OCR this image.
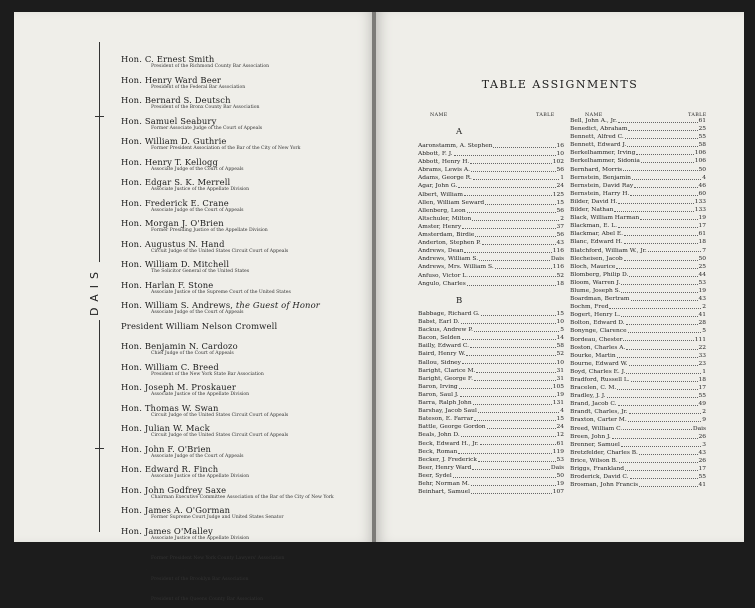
DAIS
Hon. C. Ernest Smith
President of the Richmond County Bar Association
Hon. Henry Ward Beer
President of the Federal Bar Association
Hon. Bernard S. Deutsch
President of the Bronx County Bar Association
Hon. Samuel Seabury
Former Associate Judge of the Court of Appeals
Hon. William D. Guthrie
Former President Association of the Bar of the City of New York
Hon. Henry T. Kellogg
Associate Judge of the Court of Appeals
Hon. Edgar S. K. Merrell
Associate Justice of the Appellate Division
Hon. Frederick E. Crane
Associate Judge of the Court of Appeals
Hon. Morgan J. O'Brien
Former Presiding Justice of the Appellate Division
Hon. Augustus N. Hand
Circuit Judge of the United States Circuit Court of Appeals
Hon. William D. Mitchell
The Solicitor General of the United States
Hon. Harlan F. Stone
Associate Justice of the Supreme Court of the United States
Hon. William S. Andrews, the Guest of Honor
Associate Judge of the Court of Appeals
President William Nelson Cromwell
Hon. Benjamin N. Cardozo
Chief Judge of the Court of Appeals
Hon. William C. Breed
President of the New York State Bar Association
Hon. Joseph M. Proskauer
Associate Justice of the Appellate Division
Hon. Thomas W. Swan
Circuit Judge of the United States Circuit Court of Appeals
Hon. Julian W. Mack
Circuit Judge of the United States Circuit Court of Appeals
Hon. John F. O'Brien
Associate Judge of the Court of Appeals
Hon. Edward R. Finch
Associate Justice of the Appellate Division
Hon. John Godfrey Saxe
Chairman Executive Committee Association of the Bar of the City of New York
Hon. James A. O'Gorman
Former Supreme Court Judge and United States Senator
Hon. James O'Malley
Associate Justice of the Appellate Division
Hon. Charles Strauss
Former President New York County Lawyers' Association
Hon. Michael Furst
President of the Brooklyn Bar Association
Hon. Charles W. Froessel
President of the Queens County Bar Association
TABLE ASSIGNMENTS
NAME	TABLE	NAME	TABLE
A
Aaronstamm, A. Stephen	16
Abbott, F. J.	10
Abbott, Henry H.	102
Abrams, Lewis A.	56
Adams, George R.	1
Agar, John G.	24
Albert, William	125
Allen, William Seward	15
Allenberg, Leon	56
Altschuler, Milton	2
Amster, Henry	37
Amsterdam, Birdie	56
Anderton, Stephen P.	43
Andrews, Dean	116
Andrews, William S.	Dais
Andrews, Mrs. William S.	116
Anfuso, Victor L.	52
Angulo, Charles	18
B
Babbage, Richard G.	15
Babst, Earl D.	10
Backus, Andrew P.	5
Bacon, Selden	14
Bailly, Edward C.	58
Baird, Henry W.	52
Ballou, Sidney	10
Baright, Clarice M.	31
Baright, George F.	31
Baron, Irving	105
Baron, Saul J.	19
Barra, Ralph John	131
Barshay, Jacob Saul	4
Bateson, E. Farrar	15
Battle, George Gordon	24
Beals, John D.	12
Beck, Edward H., Jr.	61
Beck, Roman	119
Becker, J. Frederick	53
Beer, Henry Ward	Dais
Beer, Sydel	50
Behr, Norman M.	19
Beinhart, Samuel	107
Bell, John A., Jr.	61
Benedict, Abraham	25
Bennett, Alfred C.	55
Bennett, Edward J.	58
Berkelhammer, Irving	106
Berkelhammer, Sidonia	106
Bernhard, Morris	50
Bernstein, Benjamin	4
Bernstein, David Ray	46
Bernstein, Harry H.	60
Bilder, David H.	133
Bilder, Nathan	133
Black, William Harman	19
Blackman, E. L.	17
Blackmar, Abel E.	61
Blanc, Edward H.	18
Blatchford, William W., Jr.	7
Blecheisen, Jacob	50
Bloch, Maurice	25
Blomberg, Philip D.	44
Bloom, Warren J.	53
Blume, Joseph S.	19
Boardman, Bertram	43
Bochm, Fred	2
Bogert, Henry L.	41
Bolton, Edward D.	28
Bonynge, Clarence	5
Bordeau, Chester	111
Boston, Charles A.	22
Bourke, Martin	33
Bourne, Edward W.	23
Boyd, Charles E. J.	1
Bradford, Russell L.	18
Bracelen, C. M.	17
Bradley, J. J.	55
Brand, Jacob C.	49
Brandt, Charles, Jr.	2
Braxton, Carter M.	9
Breed, William C.	Dais
Breen, John J.	26
Brenner, Samuel	3
Bretzfelder, Charles B.	43
Brice, Wilson B.	26
Briggs, Frankland	17
Broderick, David C.	55
Brosman, John Francis	41
